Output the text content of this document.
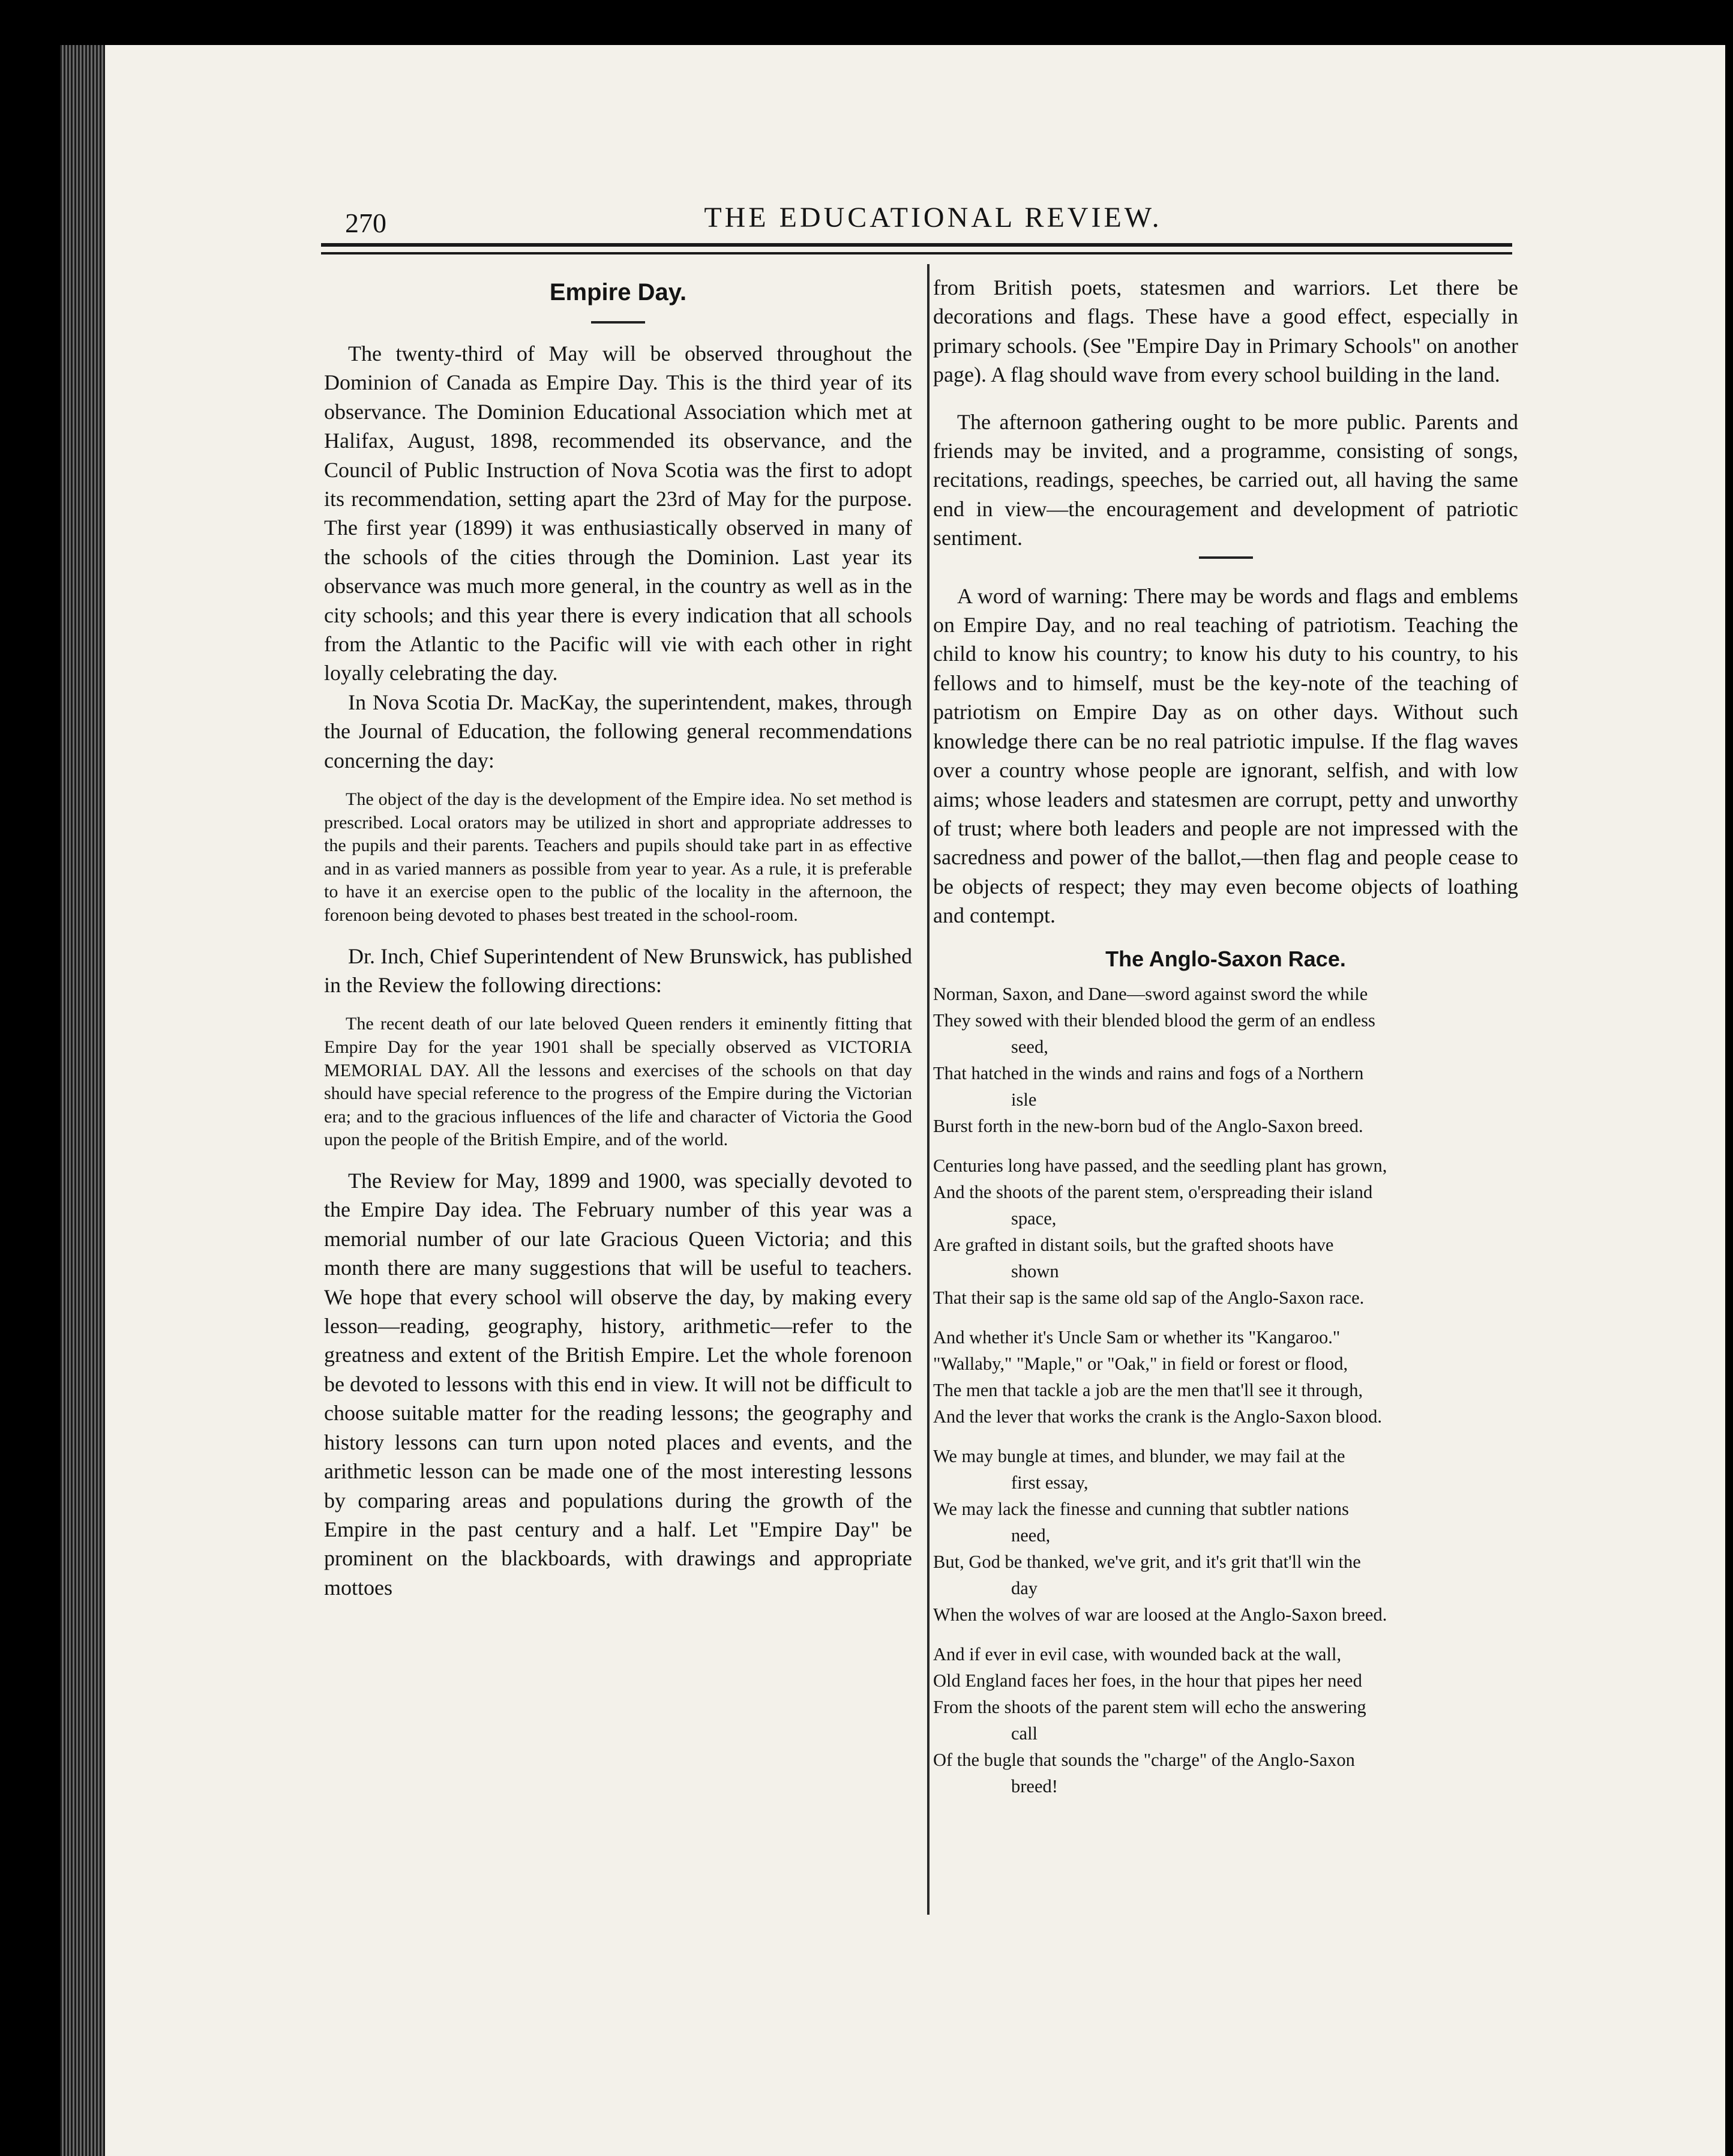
270	THE EDUCATIONAL REVIEW.
Empire Day.

The twenty-third of May will be observed throughout the Dominion of Canada as Empire Day. This is the third year of its observance. The Dominion Educational Association which met at Halifax, August, 1898, recommended its observance, and the Council of Public Instruction of Nova Scotia was the first to adopt its recommendation, setting apart the 23rd of May for the purpose. The first year (1899) it was enthusiastically observed in many of the schools of the cities through the Dominion. Last year its observance was much more general, in the country as well as in the city schools; and this year there is every indication that all schools from the Atlantic to the Pacific will vie with each other in right loyally celebrating the day.

In Nova Scotia Dr. MacKay, the superintendent, makes, through the Journal of Education, the following general recommendations concerning the day:

The object of the day is the development of the Empire idea. No set method is prescribed. Local orators may be utilized in short and appropriate addresses to the pupils and their parents. Teachers and pupils should take part in as effective and in as varied manners as possible from year to year. As a rule, it is preferable to have it an exercise open to the public of the locality in the afternoon, the forenoon being devoted to phases best treated in the school-room.

Dr. Inch, Chief Superintendent of New Brunswick, has published in the Review the following directions:

The recent death of our late beloved Queen renders it eminently fitting that Empire Day for the year 1901 shall be specially observed as VICTORIA MEMORIAL DAY. All the lessons and exercises of the schools on that day should have special reference to the progress of the Empire during the Victorian era; and to the gracious influences of the life and character of Victoria the Good upon the people of the British Empire, and of the world.

The Review for May, 1899 and 1900, was specially devoted to the Empire Day idea. The February number of this year was a memorial number of our late Gracious Queen Victoria; and this month there are many suggestions that will be useful to teachers. We hope that every school will observe the day, by making every lesson—reading, geography, history, arithmetic—refer to the greatness and extent of the British Empire. Let the whole forenoon be devoted to lessons with this end in view. It will not be difficult to choose suitable matter for the reading lessons; the geography and history lessons can turn upon noted places and events, and the arithmetic lesson can be made one of the most interesting lessons by comparing areas and populations during the growth of the Empire in the past century and a half. Let "Empire Day" be prominent on the blackboards, with drawings and appropriate mottoes

from British poets, statesmen and warriors. Let there be decorations and flags. These have a good effect, especially in primary schools. (See "Empire Day in Primary Schools" on another page). A flag should wave from every school building in the land.

The afternoon gathering ought to be more public. Parents and friends may be invited, and a programme, consisting of songs, recitations, readings, speeches, be carried out, all having the same end in view—the encouragement and development of patriotic sentiment.

A word of warning: There may be words and flags and emblems on Empire Day, and no real teaching of patriotism. Teaching the child to know his country; to know his duty to his country, to his fellows and to himself, must be the key-note of the teaching of patriotism on Empire Day as on other days. Without such knowledge there can be no real patriotic impulse. If the flag waves over a country whose people are ignorant, selfish, and with low aims; whose leaders and statesmen are corrupt, petty and unworthy of trust; where both leaders and people are not impressed with the sacredness and power of the ballot,—then flag and people cease to be objects of respect; they may even become objects of loathing and contempt.

The Anglo-Saxon Race.
Norman, Saxon, and Dane—sword against sword the while
They sowed with their blended blood the germ of an endless
seed,
That hatched in the winds and rains and fogs of a Northern
isle
Burst forth in the new-born bud of the Anglo-Saxon breed.
Centuries long have passed, and the seedling plant has grown,
And the shoots of the parent stem, o'erspreading their island
space,
Are grafted in distant soils, but the grafted shoots have
shown
That their sap is the same old sap of the Anglo-Saxon race.
And whether it's Uncle Sam or whether its "Kangaroo."
"Wallaby," "Maple," or "Oak," in field or forest or flood,
The men that tackle a job are the men that'll see it through,
And the lever that works the crank is the Anglo-Saxon blood.
We may bungle at times, and blunder, we may fail at the
first essay,
We may lack the finesse and cunning that subtler nations
need,
But, God be thanked, we've grit, and it's grit that'll win the
day
When the wolves of war are loosed at the Anglo-Saxon breed.
And if ever in evil case, with wounded back at the wall,
Old England faces her foes, in the hour that pipes her need
From the shoots of the parent stem will echo the answering
call
Of the bugle that sounds the "charge" of the Anglo-Saxon
breed!
